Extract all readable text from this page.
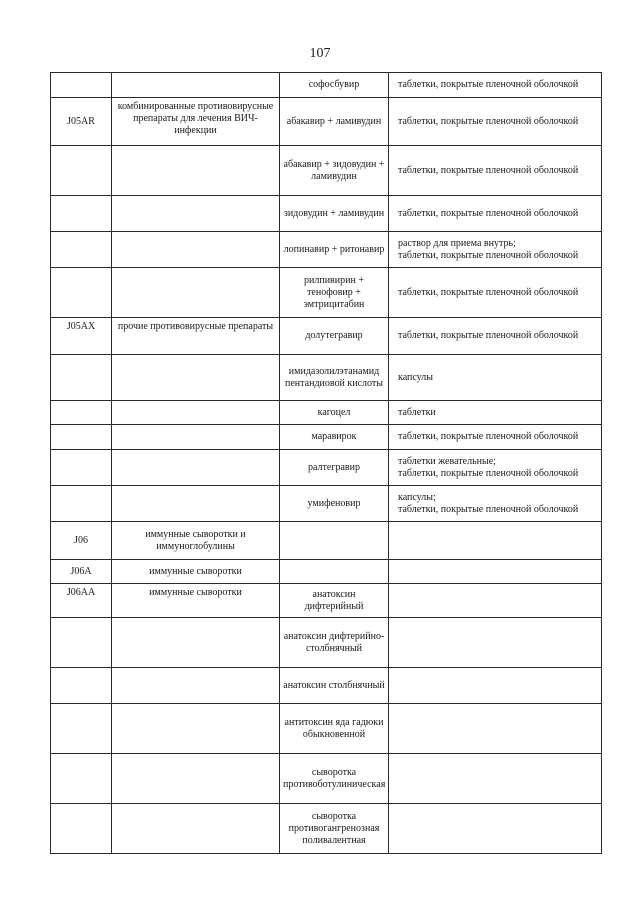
107
		софосбувир	таблетки, покрытые пленочной оболочкой
J05AR	комбинированные противовирусные препараты для лечения ВИЧ-инфекции	абакавир + ламивудин	таблетки, покрытые пленочной оболочкой
		абакавир + зидовудин + ламивудин	таблетки, покрытые пленочной оболочкой
		зидовудин + ламивудин	таблетки, покрытые пленочной оболочкой
		лопинавир + ритонавир	раствор для приема внутрь;
таблетки, покрытые пленочной оболочкой
		рилпивирин + тенофовир + эмтрицитабин	таблетки, покрытые пленочной оболочкой
J05AX	прочие противовирусные препараты	долутегравир	таблетки, покрытые пленочной оболочкой
		имидазолилэтанамид пентандиовой кислоты	капсулы
		кагоцел	таблетки
		маравирок	таблетки, покрытые пленочной оболочкой
		ралтегравир	таблетки жевательные;
таблетки, покрытые пленочной оболочкой
		умифеновир	капсулы;
таблетки, покрытые пленочной оболочкой
J06	иммунные сыворотки и иммуноглобулины		
J06A	иммунные сыворотки		
J06AA	иммунные сыворотки	анатоксин дифтерийный	
		анатоксин дифтерийно-столбнячный	
		анатоксин столбнячный	
		антитоксин яда гадюки обыкновенной	
		сыворотка противоботулиническая	
		сыворотка противогангренозная поливалентная	
